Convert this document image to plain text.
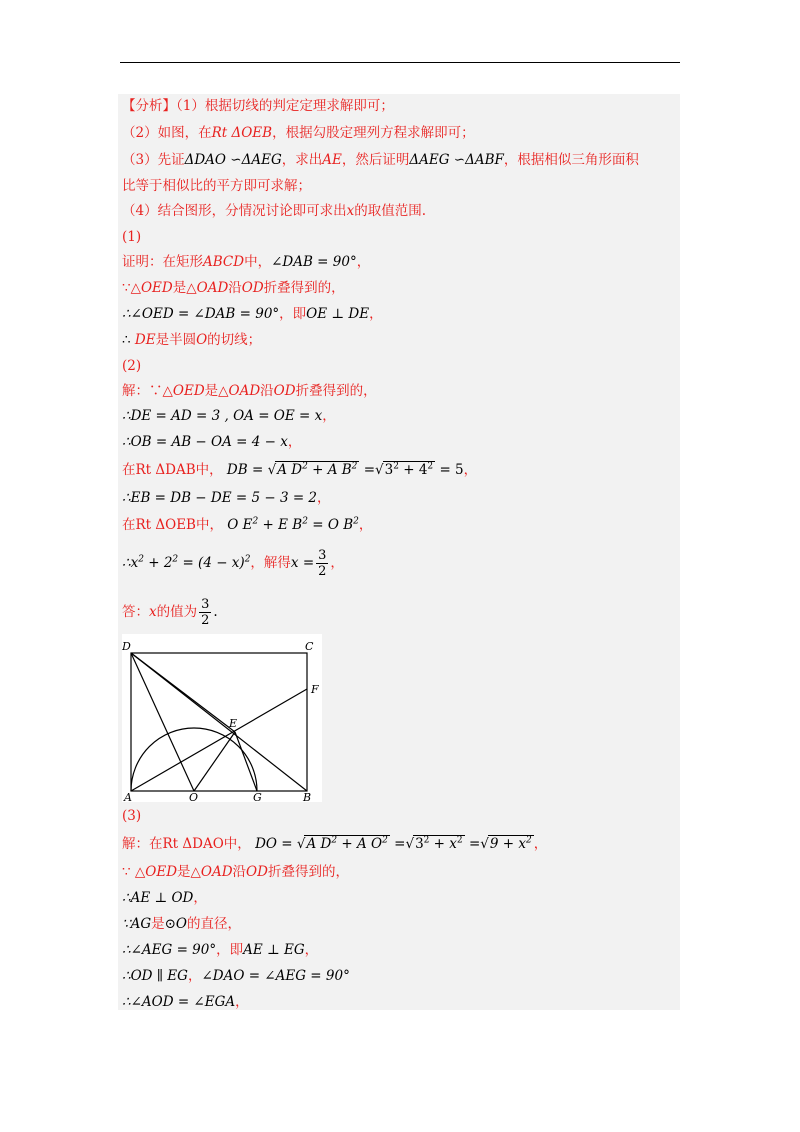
【分析】（1）根据切线的判定定理求解即可；
（2）如图，在Rt ΔOEB，根据勾股定理列方程求解即可；
（3）先证ΔDAO ∽ΔAEG，求出AE，然后证明ΔAEG ∽ΔABF，根据相似三角形面积
比等于相似比的平方即可求解；
（4）结合图形，分情况讨论即可求出x的取值范围.
(1)
证明：在矩形ABCD中，∠DAB = 90°，
∵△OED是△OAD沿OD折叠得到的，
∴∠OED = ∠DAB = 90°，即OE ⊥ DE，
∴ DE是半圆O的切线；
(2)
解：∵△OED是△OAD沿OD折叠得到的，
∴DE = AD = 3 , OA = OE = x，
∴OB = AB − OA = 4 − x，
在Rt ΔDAB中， DB = √A $D^2 + A$ $B^2 =√3^2 + 4^2 = 5$，
∴EB = DB − DE = 5 − 3 = 2，
在Rt ΔOEB中， O $E^2 + E$ $B^2 = O$ $B^2$，
$\therefore x^2 + 2^2 = (4 - x)^2$，解得$x = \frac{3}{2}$ ，
答：x的值为 $\frac{3}{2}$ .
D	C
F
E
A	O	G	B
(3)
解：在Rt ΔDAO中， DO = √A $D^2 + A$ $O^2 =√3^2 + x^2 =√9 + x^2$ ，
∵ △OED是△OAD沿OD折叠得到的，
∴AE ⊥ OD，
∵AG是⊙O的直径，
∴∠AEG = 90°，即AE ⊥ EG，
∴OD ∥ EG，∠DAO = ∠AEG = 90°
∴∠AOD = ∠EGA，
